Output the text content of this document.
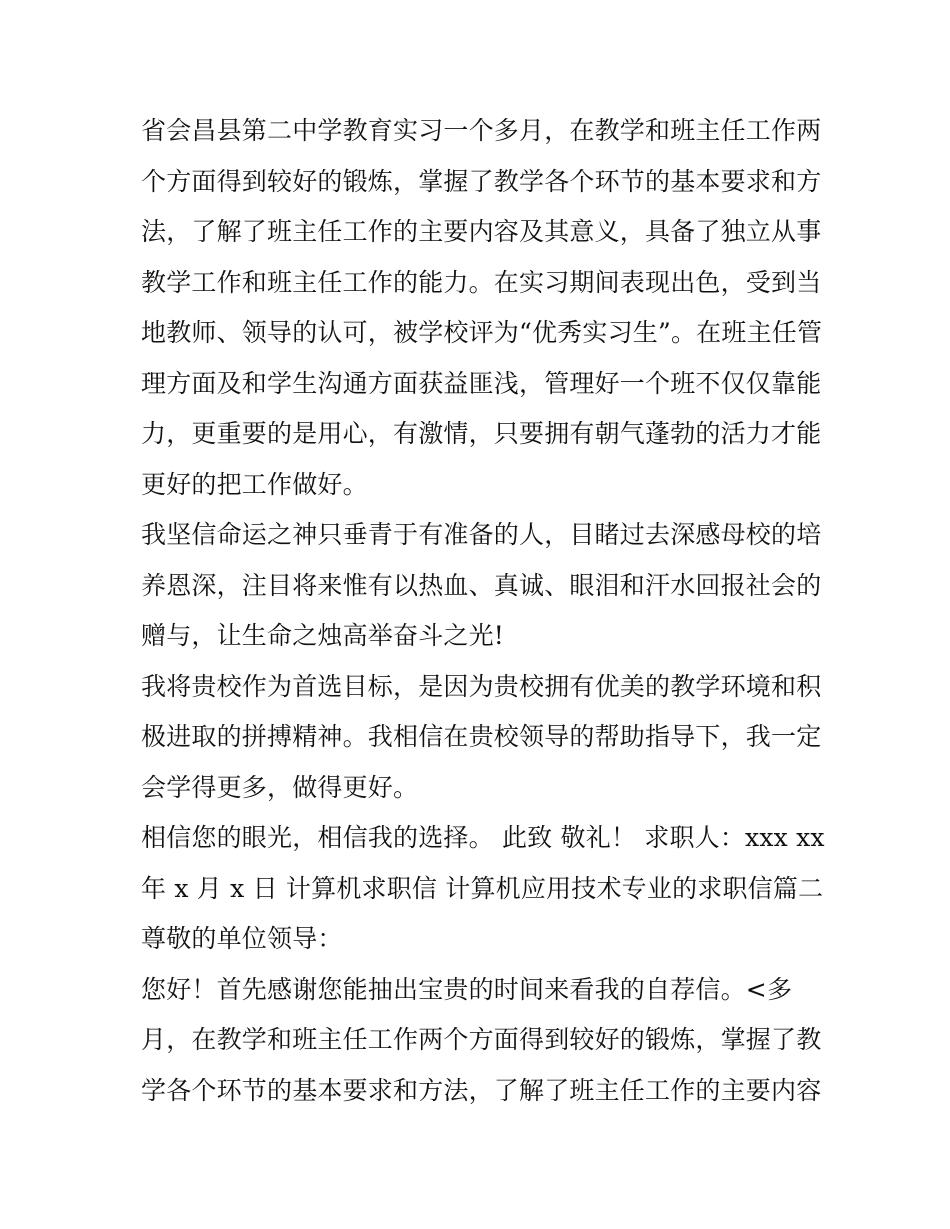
省会昌县第二中学教育实习一个多月，在教学和班主任工作两
个方面得到较好的锻炼，掌握了教学各个环节的基本要求和方
法，了解了班主任工作的主要内容及其意义，具备了独立从事
教学工作和班主任工作的能力。在实习期间表现出色，受到当
地教师、领导的认可，被学校评为“优秀实习生”。在班主任管
理方面及和学生沟通方面获益匪浅，管理好一个班不仅仅靠能
力，更重要的是用心，有激情，只要拥有朝气蓬勃的活力才能
更好的把工作做好。
我坚信命运之神只垂青于有准备的人，目睹过去深感母校的培
养恩深，注目将来惟有以热血、真诚、眼泪和汗水回报社会的
赠与，让生命之烛高举奋斗之光!
我将贵校作为首选目标，是因为贵校拥有优美的教学环境和积
极进取的拼搏精神。我相信在贵校领导的帮助指导下，我一定
会学得更多，做得更好。
相信您的眼光，相信我的选择。 此致 敬礼！ 求职人：xxx xx
年 x 月 x 日 计算机求职信 计算机应用技术专业的求职信篇二
尊敬的单位领导：
您好！首先感谢您能抽出宝贵的时间来看我的自荐信。<多
月，在教学和班主任工作两个方面得到较好的锻炼，掌握了教
学各个环节的基本要求和方法，了解了班主任工作的主要内容
